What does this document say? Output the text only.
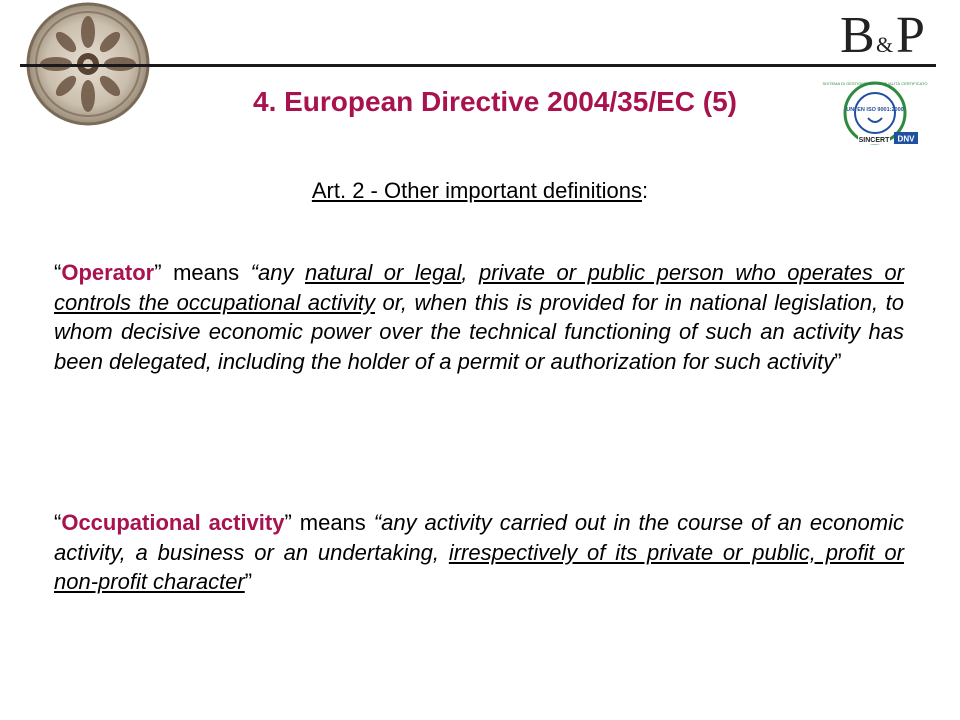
B & P
UNI EN ISO 9001:2000
SISTEMA DI GESTIONE PER LA QUALITÀ CERTIFICATO
SINCERT DNV
4. European Directive 2004/35/EC (5)
Art. 2 - Other important definitions:
“Operator” means “any natural or legal, private or public person who operates or controls the occupational activity or, when this is provided for in national legislation, to whom decisive economic power over the technical functioning of such an activity has been delegated, including the holder of a permit or authorization for such activity”
“Occupational activity” means “any activity carried out in the course of an economic activity, a business or an undertaking, irrespectively of its private or public, profit or non-profit character”
